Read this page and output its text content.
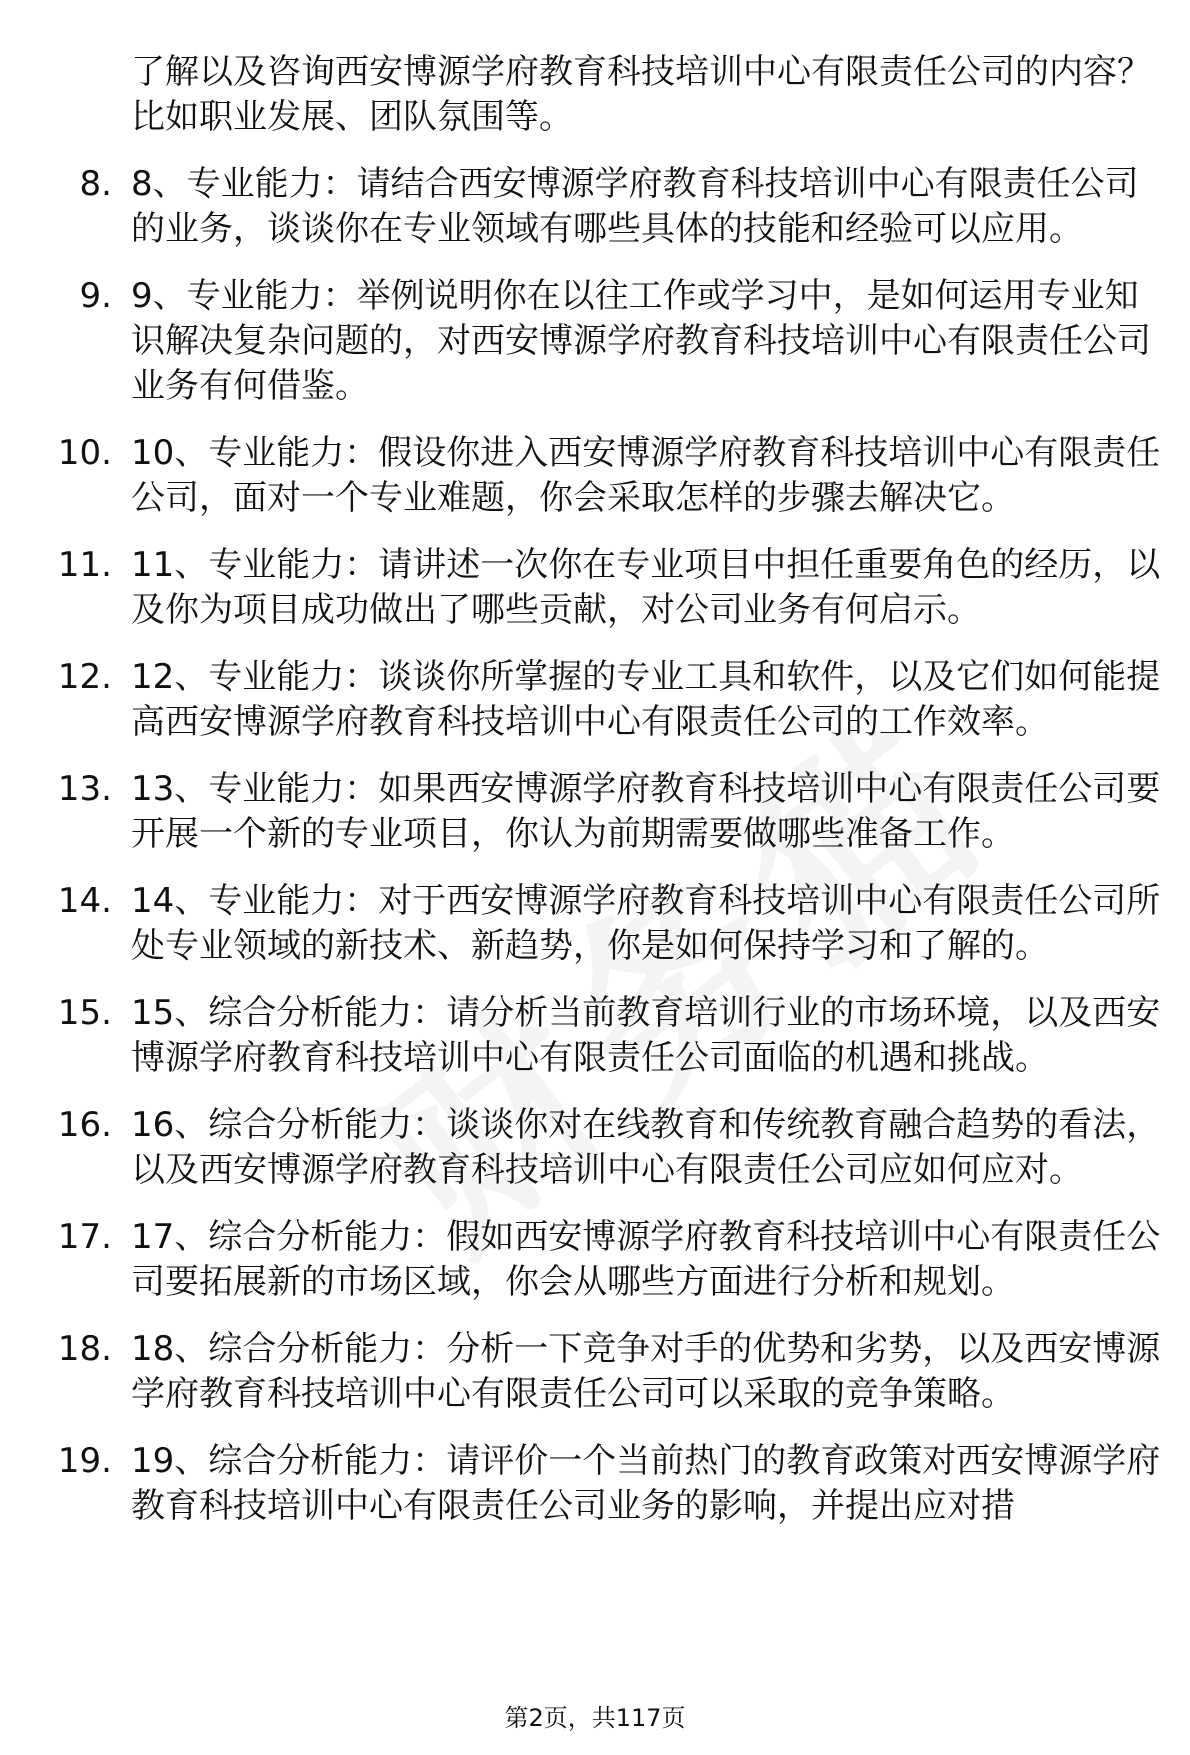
了解以及咨询西安博源学府教育科技培训中心有限责任公司的内容？比如职业发展、团队氛围等。
8. 8、专业能力：请结合西安博源学府教育科技培训中心有限责任公司的业务，谈谈你在专业领域有哪些具体的技能和经验可以应用。
9. 9、专业能力：举例说明你在以往工作或学习中，是如何运用专业知识解决复杂问题的，对西安博源学府教育科技培训中心有限责任公司业务有何借鉴。
10. 10、专业能力：假设你进入西安博源学府教育科技培训中心有限责任公司，面对一个专业难题，你会采取怎样的步骤去解决它。
11. 11、专业能力：请讲述一次你在专业项目中担任重要角色的经历，以及你为项目成功做出了哪些贡献，对公司业务有何启示。
12. 12、专业能力：谈谈你所掌握的专业工具和软件，以及它们如何能提高西安博源学府教育科技培训中心有限责任公司的工作效率。
13. 13、专业能力：如果西安博源学府教育科技培训中心有限责任公司要开展一个新的专业项目，你认为前期需要做哪些准备工作。
14. 14、专业能力：对于西安博源学府教育科技培训中心有限责任公司所处专业领域的新技术、新趋势，你是如何保持学习和了解的。
15. 15、综合分析能力：请分析当前教育培训行业的市场环境，以及西安博源学府教育科技培训中心有限责任公司面临的机遇和挑战。
16. 16、综合分析能力：谈谈你对在线教育和传统教育融合趋势的看法，以及西安博源学府教育科技培训中心有限责任公司应如何应对。
17. 17、综合分析能力：假如西安博源学府教育科技培训中心有限责任公司要拓展新的市场区域，你会从哪些方面进行分析和规划。
18. 18、综合分析能力：分析一下竞争对手的优势和劣势，以及西安博源学府教育科技培训中心有限责任公司可以采取的竞争策略。
19. 19、综合分析能力：请评价一个当前热门的教育政策对西安博源学府教育科技培训中心有限责任公司业务的影响，并提出应对措
第2页，共117页
